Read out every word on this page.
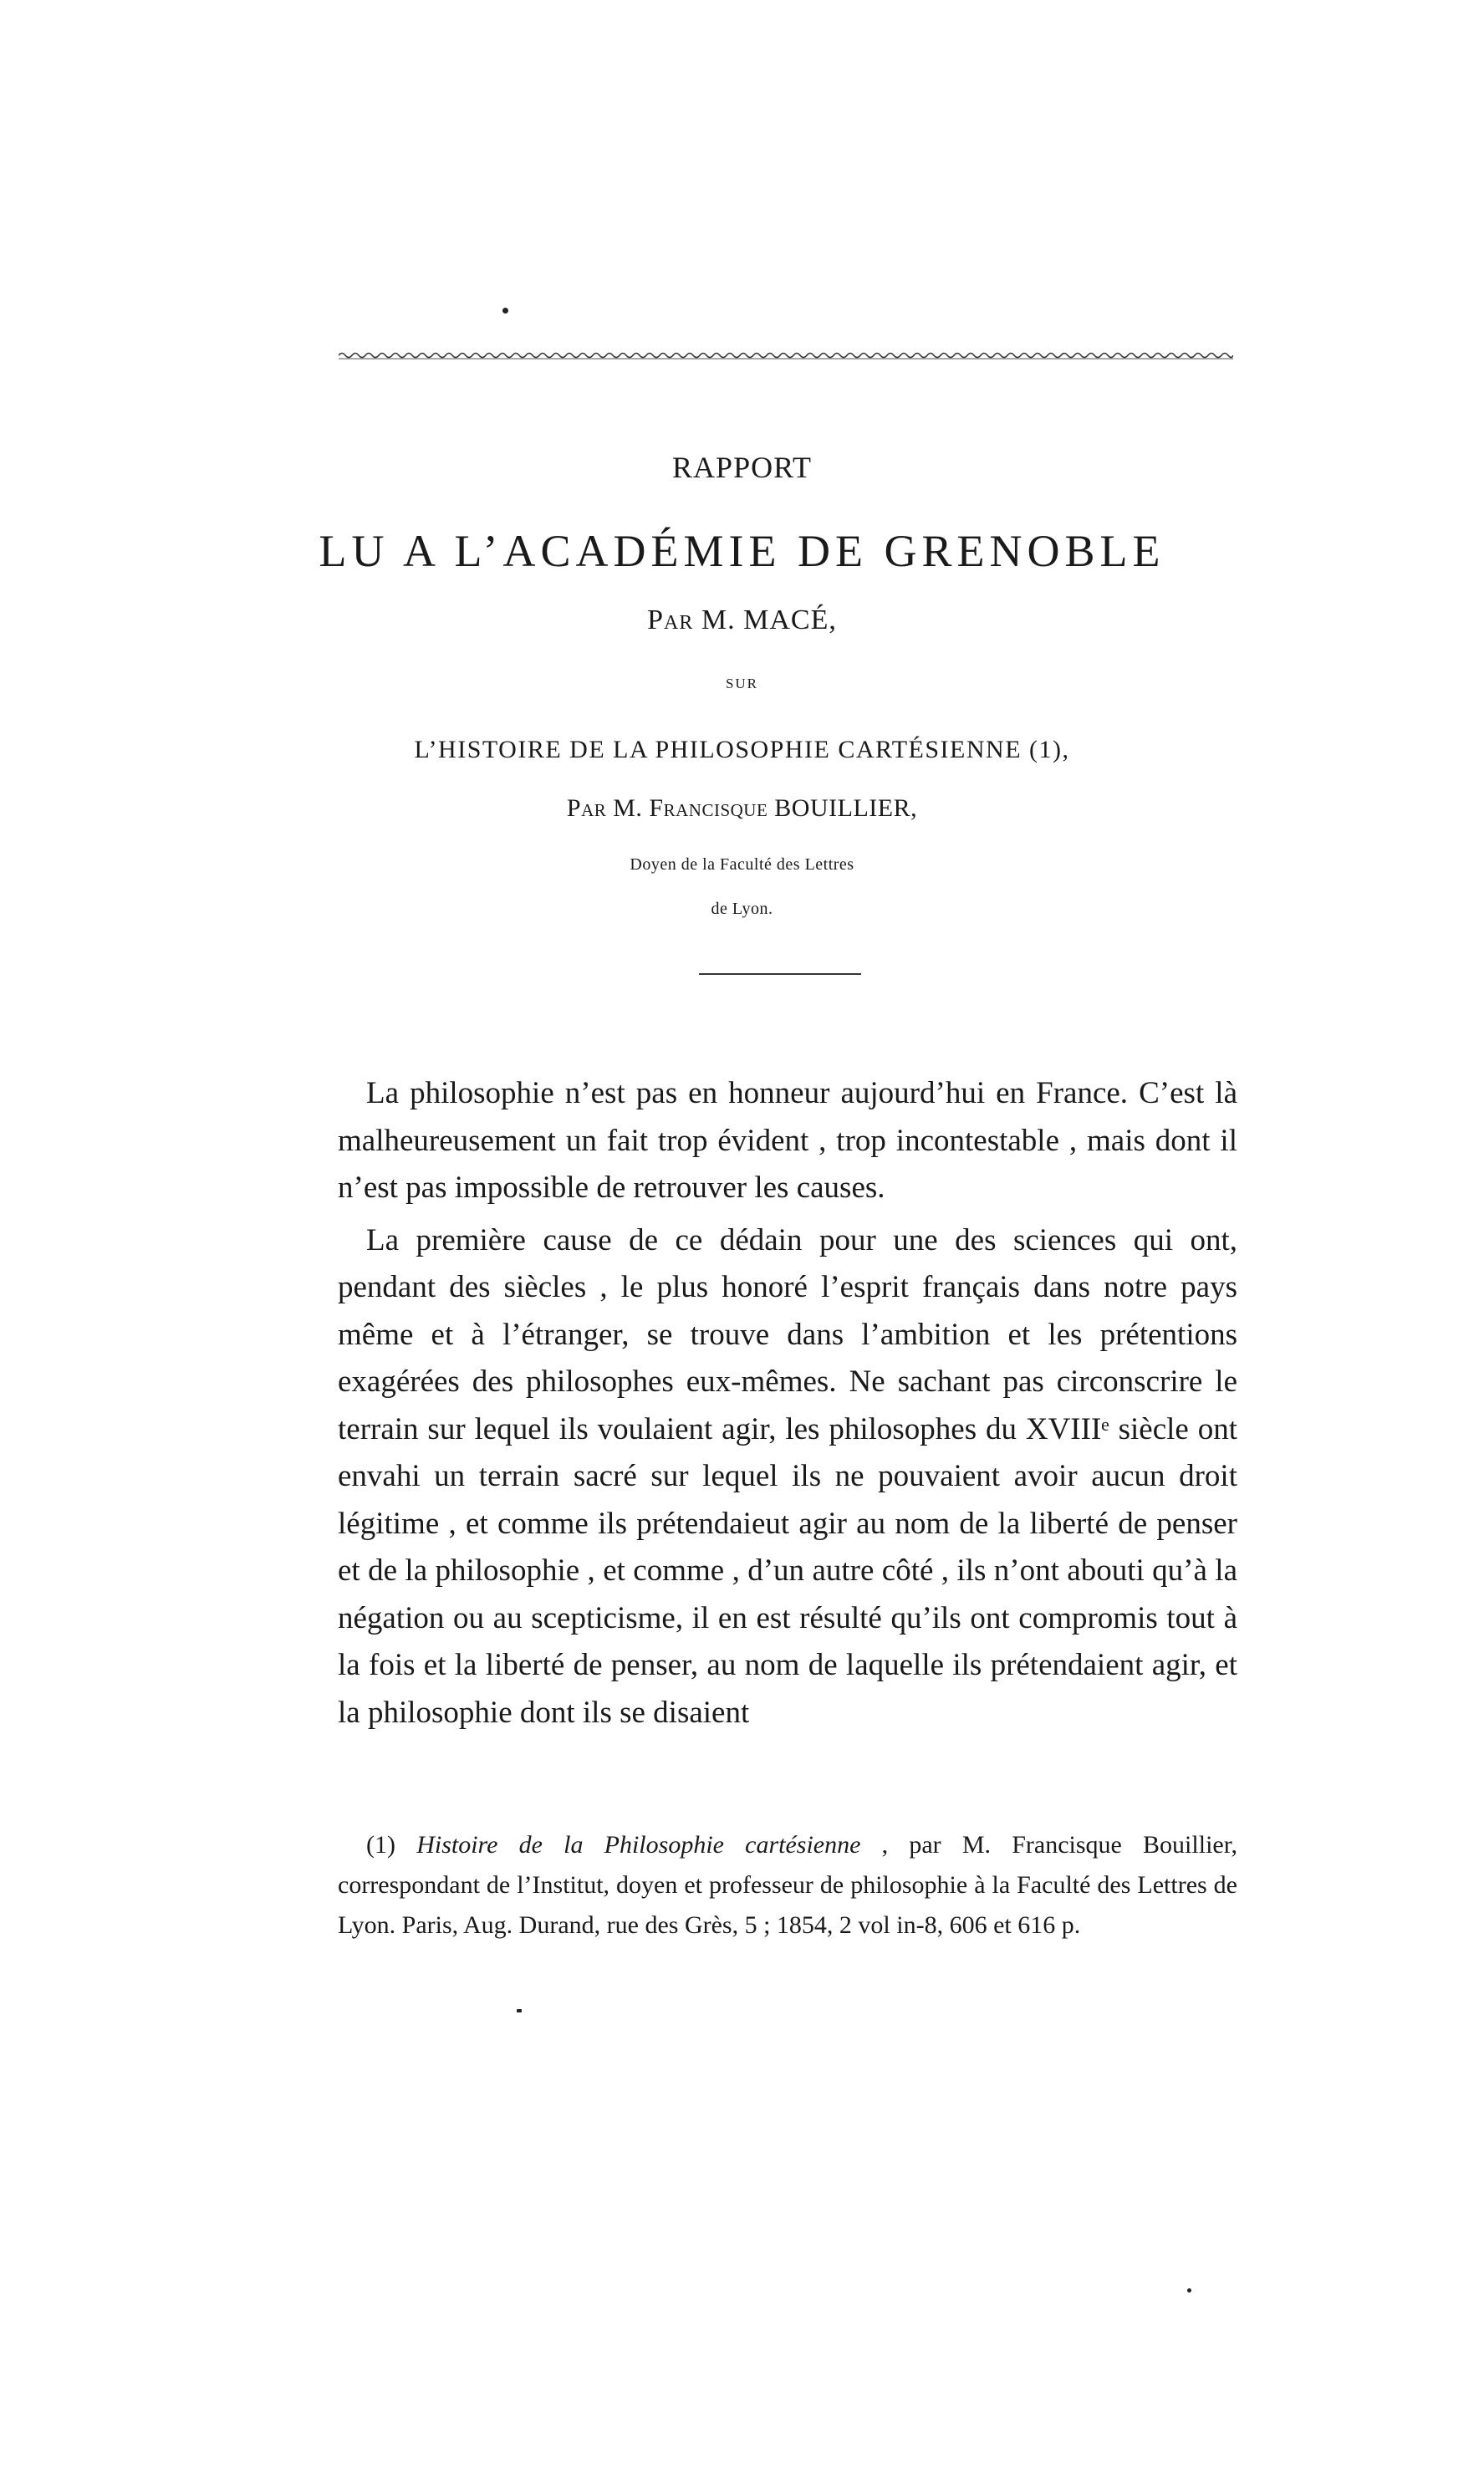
RAPPORT
LU A L’ACADÉMIE DE GRENOBLE
Par M. MACÉ,
SUR
L’HISTOIRE DE LA PHILOSOPHIE CARTÉSIENNE (1),
Par M. Francisque BOUILLIER,
Doyen de la Faculté des Lettres
de Lyon.

La philosophie n’est pas en honneur aujourd’hui en France. C’est là malheureusement un fait trop évident , trop incontestable , mais dont il n’est pas impossible de retrouver les causes.

La première cause de ce dédain pour une des sciences qui ont, pendant des siècles , le plus honoré l’esprit français dans notre pays même et à l’étranger, se trouve dans l’ambition et les prétentions exagérées des philosophes eux-mêmes. Ne sachant pas circonscrire le terrain sur lequel ils voulaient agir, les philosophes du XVIIIᵉ siècle ont envahi un terrain sacré sur lequel ils ne pouvaient avoir aucun droit légitime , et comme ils prétendaieut agir au nom de la liberté de penser et de la philosophie , et comme , d’un autre côté , ils n’ont abouti qu’à la négation ou au scepticisme, il en est résulté qu’ils ont compromis tout à la fois et la liberté de penser, au nom de laquelle ils prétendaient agir, et la philosophie dont ils se disaient

(1) Histoire de la Philosophie cartésienne , par M. Francisque Bouillier, correspondant de l’Institut, doyen et professeur de philosophie à la Faculté des Lettres de Lyon. Paris, Aug. Durand, rue des Grès, 5 ; 1854, 2 vol in-8, 606 et 616 p.
